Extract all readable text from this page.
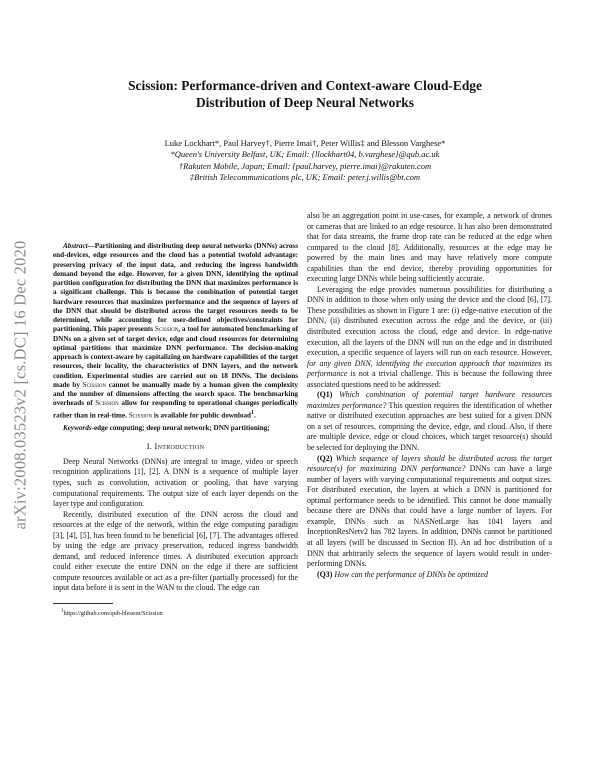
arXiv:2008.03523v2 [cs.DC] 16 Dec 2020
Scission: Performance-driven and Context-aware Cloud-Edge
Distribution of Deep Neural Networks
Luke Lockhart*, Paul Harvey†, Pierre Imai†, Peter Willis‡ and Blesson Varghese*
*Queen's University Belfast, UK; Email: {llockhart04, b.varghese}@qub.ac.uk
†Rakuten Mobile, Japan; Email: {paul.harvey, pierre.imai}@rakuten.com
‡British Telecommunications plc, UK; Email: peter.j.willis@bt.com

Abstract—Partitioning and distributing deep neural networks (DNNs) across end-devices, edge resources and the cloud has a potential twofold advantage: preserving privacy of the input data, and reducing the ingress bandwidth demand beyond the edge. However, for a given DNN, identifying the optimal partition configuration for distributing the DNN that maximizes performance is a significant challenge. This is because the combination of potential target hardware resources that maximizes performance and the sequence of layers of the DNN that should be distributed across the target resources needs to be determined, while accounting for user-defined objectives/constraints for partitioning. This paper presents Scission, a tool for automated benchmarking of DNNs on a given set of target device, edge and cloud resources for determining optimal partitions that maximize DNN performance. The decision-making approach is context-aware by capitalizing on hardware capabilities of the target resources, their locality, the characteristics of DNN layers, and the network condition. Experimental studies are carried out on 18 DNNs. The decisions made by Scission cannot be manually made by a human given the complexity and the number of dimensions affecting the search space. The benchmarking overheads of Scission allow for responding to operational changes periodically rather than in real-time. Scission is available for public download$^1$.

Keywords-edge computing; deep neural network; DNN partitioning;

I. Introduction

Deep Neural Networks (DNNs) are integral to image, video or speech recognition applications [1], [2]. A DNN is a sequence of multiple layer types, such as convolution, activation or pooling, that have varying computational requirements. The output size of each layer depends on the layer type and configuration.

Recently, distributed execution of the DNN across the cloud and resources at the edge of the network, within the edge computing paradigm [3], [4], [5], has been found to be beneficial [6], [7]. The advantages offered by using the edge are privacy preservation, reduced ingress bandwidth demand, and reduced inference times. A distributed execution approach could either execute the entire DNN on the edge if there are sufficient compute resources available or act as a pre-filter (partially processed) for the input data before it is sent in the WAN to the cloud. The edge can

$^1$https://github.com/qub-blesson/Scission

also be an aggregation point in use-cases, for example, a network of drones or cameras that are linked to an edge resource. It has also been demonstrated that for data streams, the frame drop rate can be reduced at the edge when compared to the cloud [8]. Additionally, resources at the edge may be powered by the main lines and may have relatively more compute capabilities than the end device, thereby providing opportunities for executing large DNNs while being sufficiently accurate.

Leveraging the edge provides numerous possibilities for distributing a DNN in addition to those when only using the device and the cloud [6], [7]. These possibilities as shown in Figure 1 are: (i) edge-native execution of the DNN, (ii) distributed execution across the edge and the device, or (iii) distributed execution across the cloud, edge and device. In edge-native execution, all the layers of the DNN will run on the edge and in distributed execution, a specific sequence of layers will run on each resource. However, for any given DNN, identifying the execution approach that maximizes its performance is not a trivial challenge. This is because the following three associated questions need to be addressed:

(Q1) Which combination of potential target hardware resources maximizes performance? This question requires the identification of whether native or distributed execution approaches are best suited for a given DNN on a set of resources, comprising the device, edge, and cloud. Also, if there are multiple device, edge or cloud choices, which target resource(s) should be selected for deploying the DNN.

(Q2) Which sequence of layers should be distributed across the target resource(s) for maximizing DNN performance? DNNs can have a large number of layers with varying computational requirements and output sizes. For distributed execution, the layers at which a DNN is partitioned for optimal performance needs to be identified. This cannot be done manually because there are DNNs that could have a large number of layers. For example, DNNs such as NASNetLarge has 1041 layers and InceptionResNetv2 has 782 layers. In addition, DNNs cannot be partitioned at all layers (will be discussed in Section II). An ad hoc distribution of a DNN that arbitrarily selects the sequence of layers would result in under-performing DNNs.

(Q3) How can the performance of DNNs be optimized
